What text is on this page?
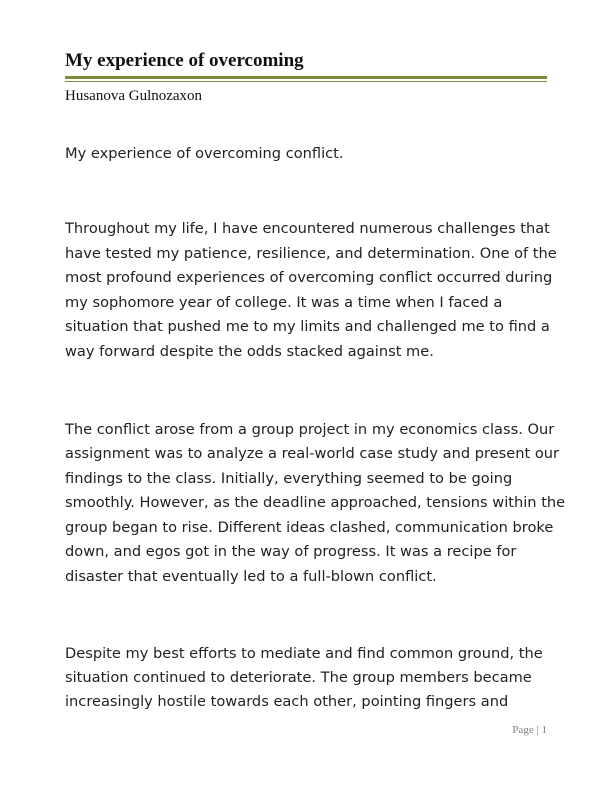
My experience of overcoming

Husanova Gulnozaxon

My experience of overcoming conflict.

Throughout my life, I have encountered numerous challenges that

have tested my patience, resilience, and determination. One of the

most profound experiences of overcoming conflict occurred during

my sophomore year of college. It was a time when I faced a

situation that pushed me to my limits and challenged me to find a

way forward despite the odds stacked against me.

The conflict arose from a group project in my economics class. Our

assignment was to analyze a real-world case study and present our

findings to the class. Initially, everything seemed to be going

smoothly. However, as the deadline approached, tensions within the

group began to rise. Different ideas clashed, communication broke

down, and egos got in the way of progress. It was a recipe for

disaster that eventually led to a full-blown conflict.

Despite my best efforts to mediate and find common ground, the

situation continued to deteriorate. The group members became

increasingly hostile towards each other, pointing fingers and

Page | 1
